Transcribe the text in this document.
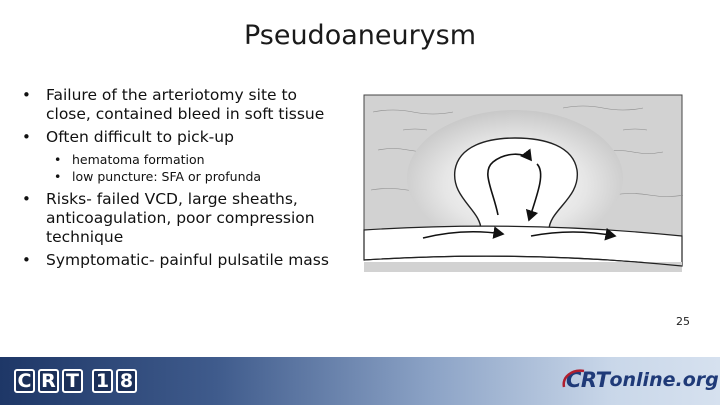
Pseudoaneurysm
• Failure of the arteriotomy site to close, contained bleed in soft tissue
• Often difficult to pick-up
• hematoma formation
• low puncture: SFA or profunda
• Risks- failed VCD, large sheaths, anticoagulation, poor compression technique
• Symptomatic- painful pulsatile mass
25
C R T 1 8	CRT online.org
